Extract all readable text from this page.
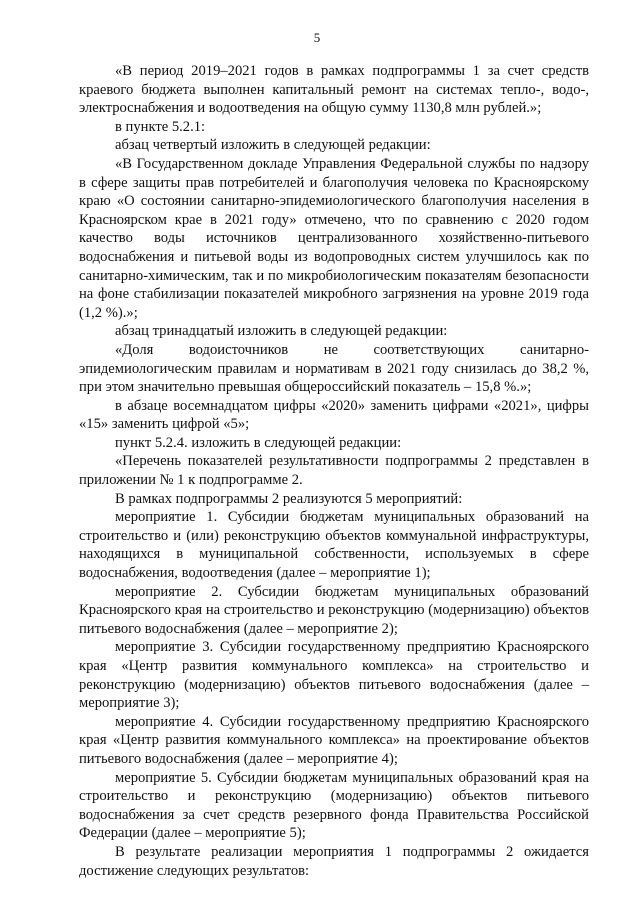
5

«В период 2019–2021 годов в рамках подпрограммы 1 за счет средств краевого бюджета выполнен капитальный ремонт на системах тепло-, водо-, электроснабжения и водоотведения на общую сумму 1130,8 млн рублей.»;

в пункте 5.2.1:

абзац четвертый изложить в следующей редакции:

«В Государственном докладе Управления Федеральной службы по надзору в сфере защиты прав потребителей и благополучия человека по Красноярскому краю «О состоянии санитарно-эпидемиологического благополучия населения в Красноярском крае в 2021 году» отмечено, что по сравнению с 2020 годом качество воды источников централизованного хозяйственно-питьевого водоснабжения и питьевой воды из водопроводных систем улучшилось как по санитарно-химическим, так и по микробиологическим показателям безопасности на фоне стабилизации показателей микробного загрязнения на уровне 2019 года (1,2 %).»;

абзац тринадцатый изложить в следующей редакции:

«Доля водоисточников не соответствующих санитарно-эпидемиологическим правилам и нормативам в 2021 году снизилась до 38,2 %, при этом значительно превышая общероссийский показатель – 15,8 %.»;

в абзаце восемнадцатом цифры «2020» заменить цифрами «2021», цифры «15» заменить цифрой «5»;

пункт 5.2.4. изложить в следующей редакции:

«Перечень показателей результативности подпрограммы 2 представлен в приложении № 1 к подпрограмме 2.

В рамках подпрограммы 2 реализуются 5 мероприятий:

мероприятие 1. Субсидии бюджетам муниципальных образований на строительство и (или) реконструкцию объектов коммунальной инфраструктуры, находящихся в муниципальной собственности, используемых в сфере водоснабжения, водоотведения (далее – мероприятие 1);

мероприятие 2. Субсидии бюджетам муниципальных образований Красноярского края на строительство и реконструкцию (модернизацию) объектов питьевого водоснабжения (далее – мероприятие 2);

мероприятие 3. Субсидии государственному предприятию Красноярского края «Центр развития коммунального комплекса» на строительство и реконструкцию (модернизацию) объектов питьевого водоснабжения (далее – мероприятие 3);

мероприятие 4. Субсидии государственному предприятию Красноярского края «Центр развития коммунального комплекса» на проектирование объектов питьевого водоснабжения (далее – мероприятие 4);

мероприятие 5. Субсидии бюджетам муниципальных образований края на строительство и реконструкцию (модернизацию) объектов питьевого водоснабжения за счет средств резервного фонда Правительства Российской Федерации (далее – мероприятие 5);

В результате реализации мероприятия 1 подпрограммы 2 ожидается достижение следующих результатов:
